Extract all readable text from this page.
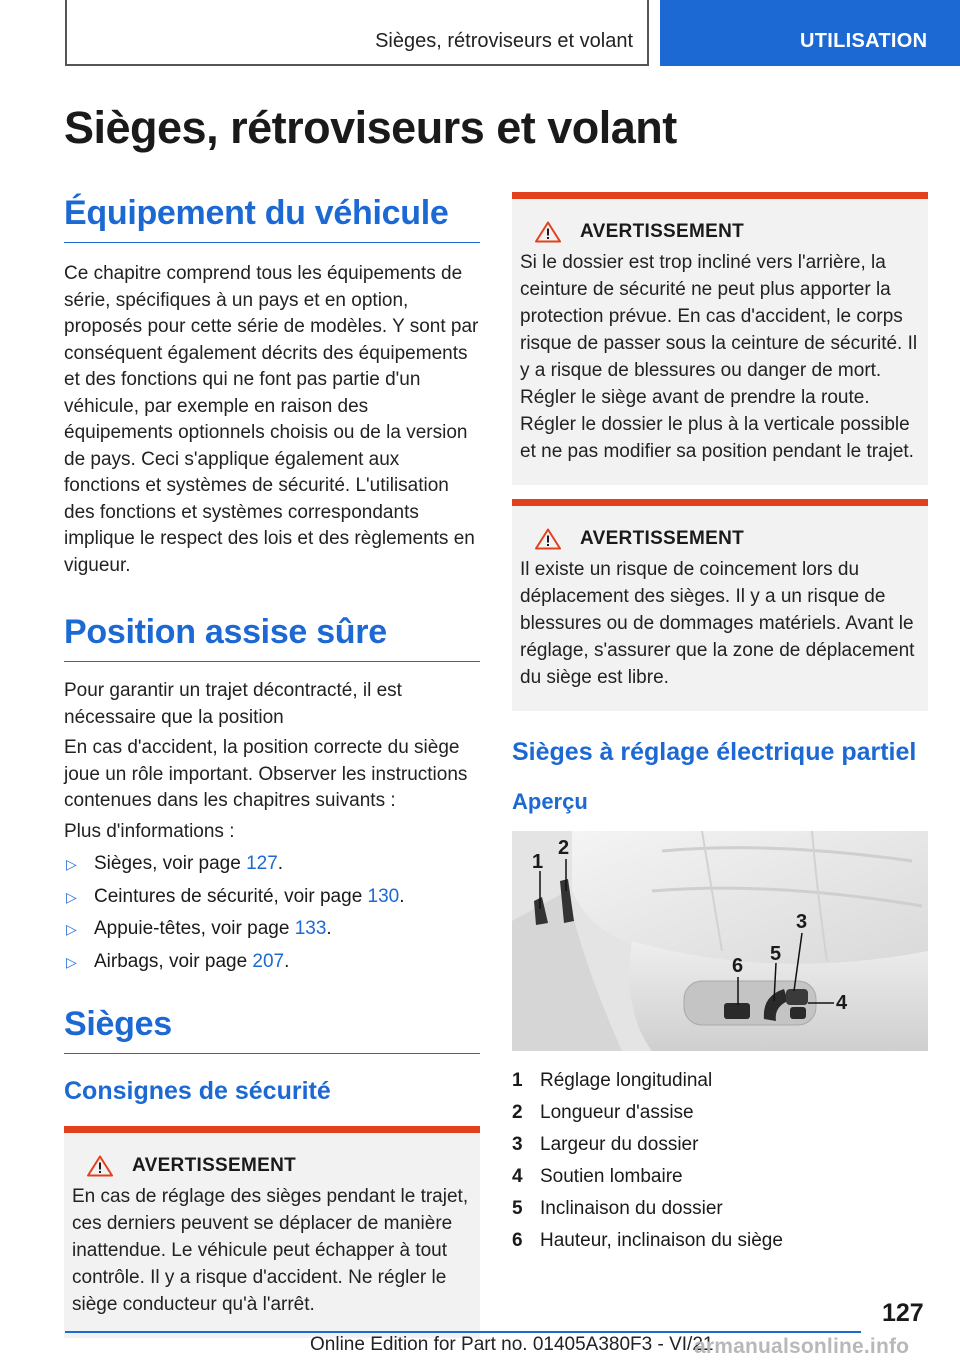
Sièges, rétroviseurs et volant	UTILISATION
Sièges, rétroviseurs et volant
Équipement du véhicule

Ce chapitre comprend tous les équipements de série, spécifiques à un pays et en option, proposés pour cette série de modèles. Y sont par conséquent également décrits des équipements et des fonctions qui ne font pas partie d'un véhicule, par exemple en raison des équipements optionnels choisis ou de la version de pays. Ceci s'applique également aux fonctions et systèmes de sécurité. L'utilisation des fonctions et systèmes correspondants implique le respect des lois et des règlements en vigueur.

Position assise sûre

Pour garantir un trajet décontracté, il est nécessaire que la position

En cas d'accident, la position correcte du siège joue un rôle important. Observer les instructions contenues dans les chapitres suivants :

Plus d'informations :

▷ Sièges, voir page 127.
▷ Ceintures de sécurité, voir page 130.
▷ Appuie-têtes, voir page 133.
▷ Airbags, voir page 207.
Sièges
Consignes de sécurité
AVERTISSEMENT

En cas de réglage des sièges pendant le trajet, ces derniers peuvent se déplacer de manière inattendue. Le véhicule peut échapper à tout contrôle. Il y a risque d'accident. Ne régler le siège conducteur qu'à l'arrêt.

AVERTISSEMENT

Si le dossier est trop incliné vers l'arrière, la ceinture de sécurité ne peut plus apporter la protection prévue. En cas d'accident, le corps risque de passer sous la ceinture de sécurité. Il y a risque de blessures ou danger de mort. Régler le siège avant de prendre la route. Régler le dossier le plus à la verticale possible et ne pas modifier sa position pendant le trajet.

AVERTISSEMENT

Il existe un risque de coincement lors du déplacement des sièges. Il y a un risque de blessures ou de dommages matériels. Avant le réglage, s'assurer que la zone de déplacement du siège est libre.

Sièges à réglage électrique partiel
Aperçu
1
2
3
4
5
6
1 Réglage longitudinal
2 Longueur d'assise
3 Largeur du dossier
4 Soutien lombaire
5 Inclinaison du dossier
6 Hauteur, inclinaison du siège
127
Online Edition for Part no. 01405A380F3 - VI/21
armanualsonline.info
